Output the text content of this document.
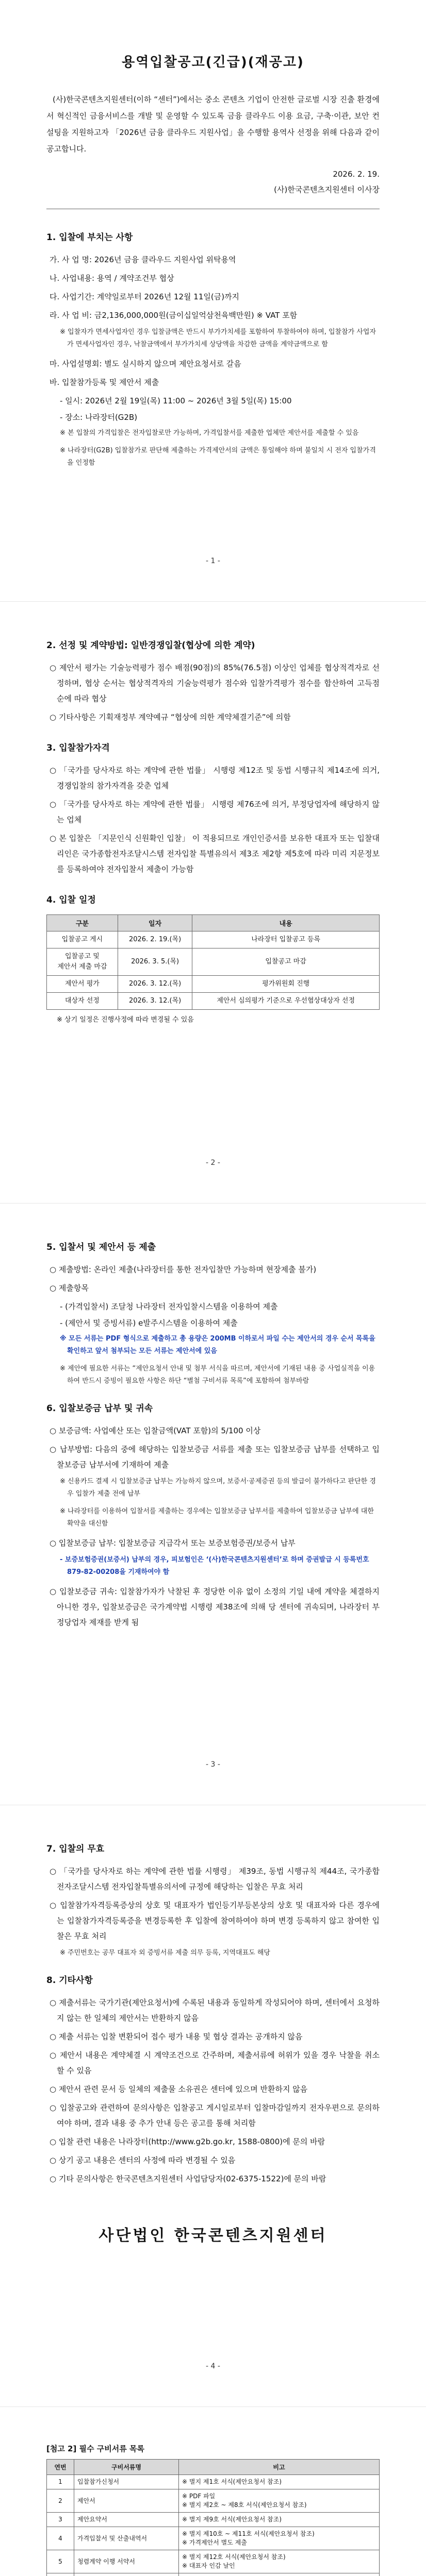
용역입찰공고(긴급)(재공고)

(사)한국콘텐츠지원센터(이하 “센터”)에서는 중소 콘텐츠 기업이 안전한 글로벌 시장 진출 환경에서 혁신적인 금융서비스를 개발 및 운영할 수 있도록 금융 클라우드 이용 요금, 구축·이관, 보안 컨설팅을 지원하고자 「2026년 금융 클라우드 지원사업」을 수행할 용역사 선정을 위해 다음과 같이 공고합니다.

2026. 2. 19.

(사)한국콘텐츠지원센터 이사장

1. 입찰에 부치는 사항

가. 사 업 명: 2026년 금융 클라우드 지원사업 위탁용역

나. 사업내용: 용역 / 계약조건부 협상

다. 사업기간: 계약일로부터 2026년 12월 11일(금)까지

라. 사 업 비: 금2,136,000,000원(금이십일억삼천육백만원) ※ VAT 포함

※ 입찰자가 면세사업자인 경우 입찰금액은 반드시 부가가치세를 포함하여 투찰하여야 하며, 입찰참가 사업자가 면세사업자인 경우, 낙찰금액에서 부가가치세 상당액을 차감한 금액을 계약금액으로 함

마. 사업설명회: 별도 실시하지 않으며 제안요청서로 갈음

바. 입찰참가등록 및 제안서 제출

- 일시: 2026년 2월 19일(목) 11:00 ~ 2026년 3월 5일(목) 15:00

- 장소: 나라장터(G2B)

※ 본 입찰의 가격입찰은 전자입찰로만 가능하며, 가격입찰서를 제출한 업체만 제안서를 제출할 수 있음

※ 나라장터(G2B) 입찰참가로 판단해 제출하는 가격제안서의 금액은 통일해야 하며 불일치 시 전자 입찰가격을 인정함

- 1 -
2. 선정 및 계약방법: 일반경쟁입찰(협상에 의한 계약)

○ 제안서 평가는 기술능력평가 점수 배점(90점)의 85%(76.5점) 이상인 업체를 협상적격자로 선정하며, 협상 순서는 협상적격자의 기술능력평가 점수와 입찰가격평가 점수를 합산하여 고득점 순에 따라 협상

○ 기타사항은 기획재정부 계약예규 “협상에 의한 계약체결기준”에 의함

3. 입찰참가자격

○ 「국가를 당사자로 하는 계약에 관한 법률」 시행령 제12조 및 동법 시행규칙 제14조에 의거, 경쟁입찰의 참가자격을 갖춘 업체

○ 「국가를 당사자로 하는 계약에 관한 법률」 시행령 제76조에 의거, 부정당업자에 해당하지 않는 업체

○ 본 입찰은 「지문인식 신원확인 입찰」 이 적용되므로 개인인증서를 보유한 대표자 또는 입찰대리인은 국가종합전자조달시스템 전자입찰 특별유의서 제3조 제2항 제5호에 따라 미리 지문정보를 등록하여야 전자입찰서 제출이 가능함

4. 입찰 일정
구분	일자	내용
입찰공고 게시	2026. 2. 19.(목)	나라장터 입찰공고 등록
입찰공고 및
제안서 제출 마감	2026. 3. 5.(목)	입찰공고 마감
제안서 평가	2026. 3. 12.(목)	평가위원회 진행
대상자 선정	2026. 3. 12.(목)	제안서 심의평가 기준으로 우선협상대상자 선정

※ 상기 일정은 진행사정에 따라 변경될 수 있음

- 2 -
5. 입찰서 및 제안서 등 제출

○ 제출방법: 온라인 제출(나라장터를 통한 전자입찰만 가능하며 현장제출 불가)

○ 제출항목

- (가격입찰서) 조달청 나라장터 전자입찰시스템을 이용하여 제출

- (제안서 및 증빙서류) e발주시스템을 이용하여 제출

※ 모든 서류는 PDF 형식으로 제출하고 총 용량은 200MB 이하로서 파일 수는 제안서의 경우 순서 목록을 확인하고 앞서 첨부되는 모든 서류는 제안서에 있음

※ 제안에 필요한 서류는 “제안요청서 안내 및 첨부 서식을 따르며, 제안서에 기재된 내용 중 사업실적을 이용하여 반드시 증빙이 필요한 사항은 하단 “별첨 구비서류 목록”에 포함하여 첨부바람

6. 입찰보증금 납부 및 귀속

○ 보증금액: 사업예산 또는 입찰금액(VAT 포함)의 5/100 이상

○ 납부방법: 다음의 중에 해당하는 입찰보증금 서류를 제출 또는 입찰보증금 납부를 선택하고 입찰보증금 납부서에 기재하여 제출

※ 신용카드 결제 시 입찰보증금 납부는 가능하지 않으며, 보증서·공제증권 등의 발급이 불가하다고 판단한 경우 입찰가 제출 전에 납부

※ 나라장터를 이용하여 입찰서를 제출하는 경우에는 입찰보증금 납부서를 제출하여 입찰보증금 납부에 대한 확약을 대신함

○ 입찰보증금 납부: 입찰보증금 지급각서 또는 보증보험증권/보증서 납부

- 보증보험증권(보증서) 납부의 경우, 피보험인은 ‘(사)한국콘텐츠지원센터’로 하며 증권발급 시 등록번호 879-82-00208을 기재하여야 함

○ 입찰보증금 귀속: 입찰참가자가 낙찰된 후 정당한 이유 없이 소정의 기일 내에 계약을 체결하지 아니한 경우, 입찰보증금은 국가계약법 시행령 제38조에 의해 당 센터에 귀속되며, 나라장터 부정당업자 제재를 받게 됨

- 3 -
7. 입찰의 무효

○ 「국가를 당사자로 하는 계약에 관한 법률 시행령」 제39조, 동법 시행규칙 제44조, 국가종합전자조달시스템 전자입찰특별유의서에 규정에 해당하는 입찰은 무효 처리

○ 입찰참가자격등록증상의 상호 및 대표자가 법인등기부등본상의 상호 및 대표자와 다른 경우에는 입찰참가자격등록증을 변경등록한 후 입찰에 참여하여야 하며 변경 등록하지 않고 참여한 입찰은 무효 처리

※ 주민번호는 공무 대표자 외 증빙서류 제출 의무 등록, 지역대표도 해당

8. 기타사항

○ 제출서류는 국가기관(제안요청서)에 수록된 내용과 동일하게 작성되어야 하며, 센터에서 요청하지 않는 한 일체의 제안서는 반환하지 않음

○ 제출 서류는 입찰 변환되어 접수 평가 내용 및 협상 결과는 공개하지 않음

○ 제안서 내용은 계약체결 시 계약조건으로 간주하며, 제출서류에 허위가 있을 경우 낙찰을 취소할 수 있음

○ 제안서 관련 문서 등 일체의 제출물 소유권은 센터에 있으며 반환하지 않음

○ 입찰공고와 관련하여 문의사항은 입찰공고 게시일로부터 입찰마감일까지 전자우편으로 문의하여야 하며, 결과 내용 중 추가 안내 등은 공고를 통해 처리함

○ 입찰 관련 내용은 나라장터(http://www.g2b.go.kr, 1588-0800)에 문의 바람

○ 상기 공고 내용은 센터의 사정에 따라 변경될 수 있음

○ 기타 문의사항은 한국콘텐츠지원센터 사업담당자(02-6375-1522)에 문의 바람

사단법인 한국콘텐츠지원센터
- 4 -
[첨고 2] 필수 구비서류 목록
연번	구비서류명	비고
1	입찰참가신청서	※ 별지 제1호 서식(제안요청서 참조)
2	제안서	※ PDF 파일
※ 별지 제2호 ~ 제8호 서식(제안요청서 참조)
3	제안요약서	※ 별지 제9호 서식(제안요청서 참조)
4	가격입찰서 및 산출내역서	※ 별지 제10호 ~ 제11호 서식(제안요청서 참조)
※ 가격제안서 별도 제출
5	청렴계약 이행 서약서	※ 별지 제12호 서식(제안요청서 참조)
※ 대표자 인감 날인
